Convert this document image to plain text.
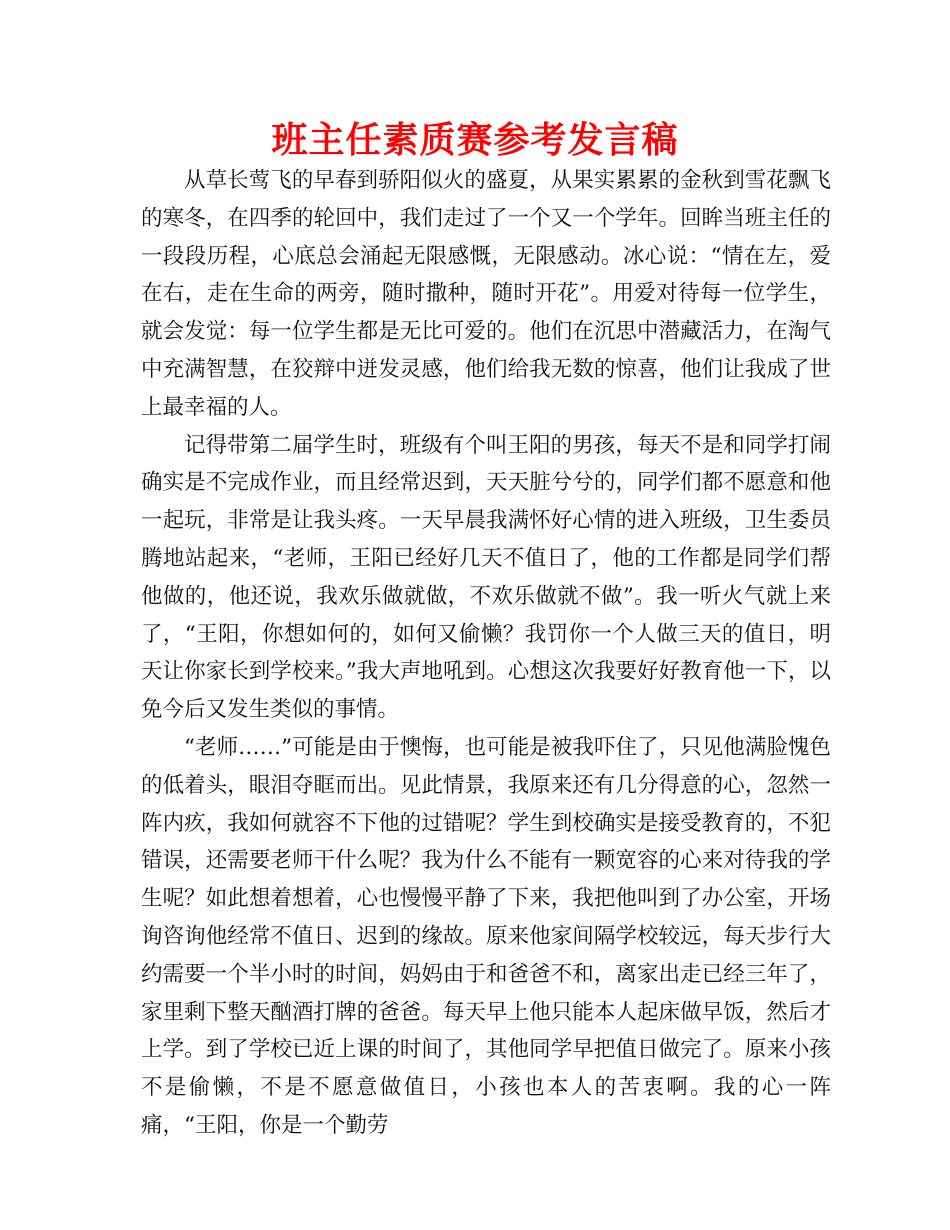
班主任素质赛参考发言稿

从草长莺飞的早春到骄阳似火的盛夏，从果实累累的金秋到雪花飘飞的寒冬，在四季的轮回中，我们走过了一个又一个学年。回眸当班主任的一段段历程，心底总会涌起无限感慨，无限感动。冰心说：“情在左，爱在右，走在生命的两旁，随时撒种，随时开花”。用爱对待每一位学生，就会发觉：每一位学生都是无比可爱的。他们在沉思中潜藏活力，在淘气中充满智慧，在狡辩中迸发灵感，他们给我无数的惊喜，他们让我成了世上最幸福的人。

记得带第二届学生时，班级有个叫王阳的男孩，每天不是和同学打闹确实是不完成作业，而且经常迟到，天天脏兮兮的，同学们都不愿意和他一起玩，非常是让我头疼。一天早晨我满怀好心情的进入班级，卫生委员腾地站起来，“老师，王阳已经好几天不值日了，他的工作都是同学们帮他做的，他还说，我欢乐做就做，不欢乐做就不做”。我一听火气就上来了，“王阳，你想如何的，如何又偷懒？我罚你一个人做三天的值日，明天让你家长到学校来。”我大声地吼到。心想这次我要好好教育他一下，以免今后又发生类似的事情。

“老师……”可能是由于懊悔，也可能是被我吓住了，只见他满脸愧色的低着头，眼泪夺眶而出。见此情景，我原来还有几分得意的心，忽然一阵内疚，我如何就容不下他的过错呢？学生到校确实是接受教育的，不犯错误，还需要老师干什么呢？我为什么不能有一颗宽容的心来对待我的学生呢？如此想着想着，心也慢慢平静了下来，我把他叫到了办公室，开场询咨询他经常不值日、迟到的缘故。原来他家间隔学校较远，每天步行大约需要一个半小时的时间，妈妈由于和爸爸不和，离家出走已经三年了，家里剩下整天酗酒打牌的爸爸。每天早上他只能本人起床做早饭，然后才上学。到了学校已近上课的时间了，其他同学早把值日做完了。原来小孩不是偷懒，不是不愿意做值日，小孩也本人的苦衷啊。我的心一阵痛，“王阳，你是一个勤劳
